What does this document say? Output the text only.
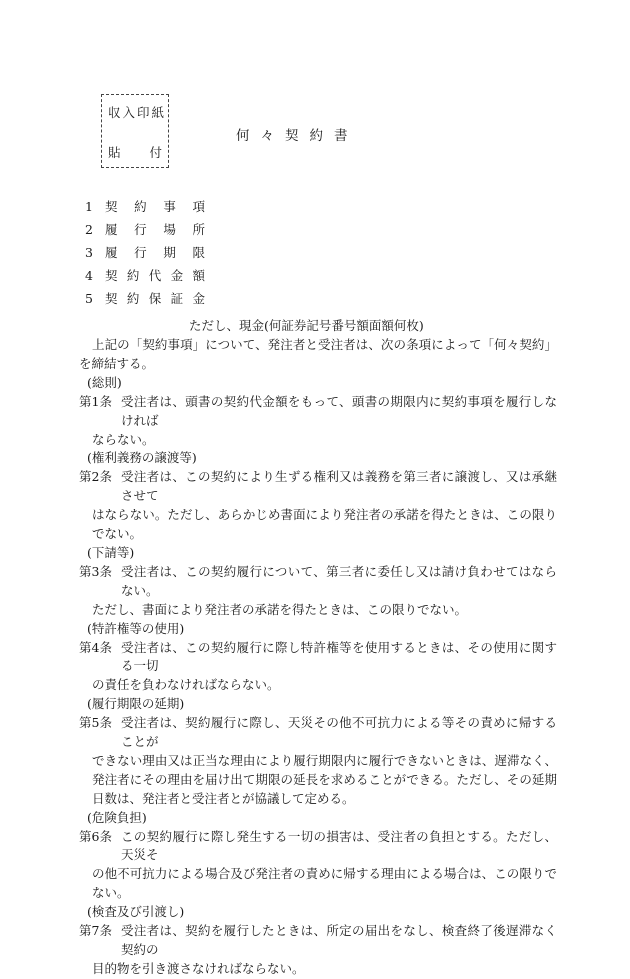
収入印紙
貼 付
何々契約書
1 契約事項
2 履行場所
3 履行期限
4 契約代金額
5 契約保証金
ただし、現金(何証券記号番号額面額何枚)
上記の「契約事項」について、発注者と受注者は、次の条項によって「何々契約」を締結する。
(総則)
第1条 受注者は、頭書の契約代金額をもって、頭書の期限内に契約事項を履行しなければ
ならない。
(権利義務の譲渡等)
第2条 受注者は、この契約により生ずる権利又は義務を第三者に譲渡し、又は承継させて
はならない。ただし、あらかじめ書面により発注者の承諾を得たときは、この限りでない。
(下請等)
第3条 受注者は、この契約履行について、第三者に委任し又は請け負わせてはならない。
ただし、書面により発注者の承諾を得たときは、この限りでない。
(特許権等の使用)
第4条 受注者は、この契約履行に際し特許権等を使用するときは、その使用に関する一切
の責任を負わなければならない。
(履行期限の延期)
第5条 受注者は、契約履行に際し、天災その他不可抗力による等その責めに帰することが
できない理由又は正当な理由により履行期限内に履行できないときは、遅滞なく、発注者にその理由を届け出て期限の延長を求めることができる。ただし、その延期日数は、発注者と受注者とが協議して定める。
(危険負担)
第6条 この契約履行に際し発生する一切の損害は、受注者の負担とする。ただし、天災そ
の他不可抗力による場合及び発注者の責めに帰する理由による場合は、この限りでない。
(検査及び引渡し)
第7条 受注者は、契約を履行したときは、所定の届出をなし、検査終了後遅滞なく契約の
目的物を引き渡さなければならない。
